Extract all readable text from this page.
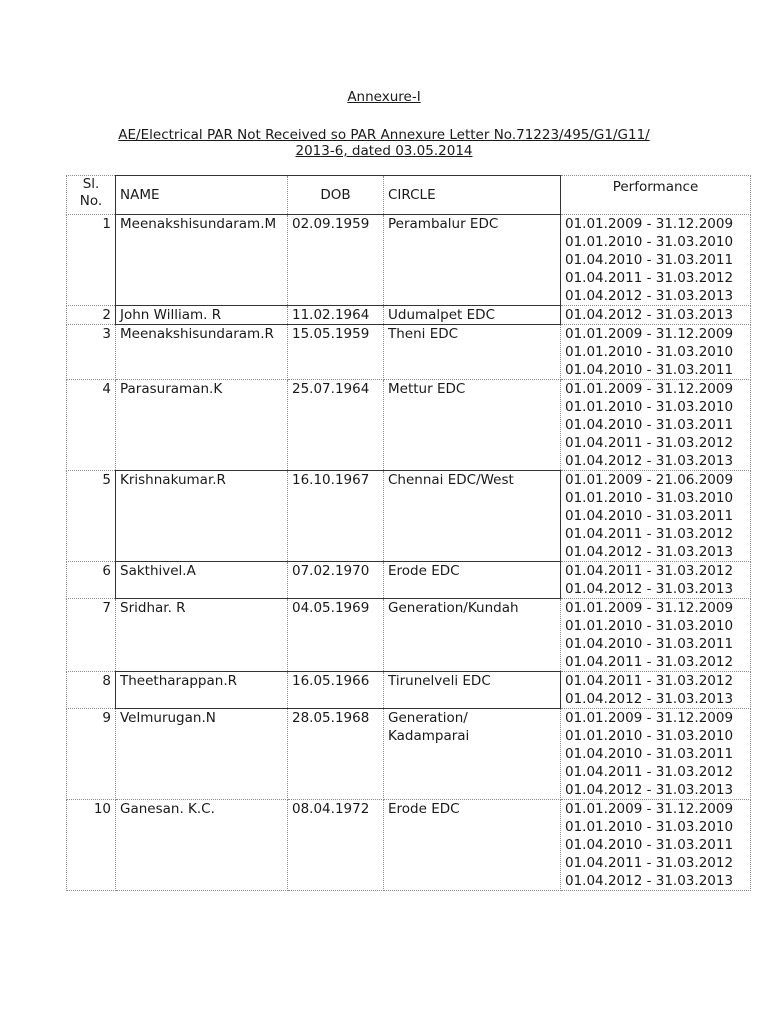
Annexure-I
AE/Electrical PAR Not Received so PAR Annexure Letter No.71223/495/G1/G11/
2013-6, dated 03.05.2014
Sl.
No.	NAME	DOB	CIRCLE	Performance
1	Meenakshisundaram.M	02.09.1959	Perambalur EDC	01.01.2009 - 31.12.2009
01.01.2010 - 31.03.2010
01.04.2010 - 31.03.2011
01.04.2011 - 31.03.2012
01.04.2012 - 31.03.2013

2	John William. R	11.02.1964	Udumalpet EDC	01.04.2012 - 31.03.2013

3	Meenakshisundaram.R	15.05.1959	Theni EDC	01.01.2009 - 31.12.2009
01.01.2010 - 31.03.2010
01.04.2010 - 31.03.2011

4	Parasuraman.K	25.07.1964	Mettur EDC	01.01.2009 - 31.12.2009
01.01.2010 - 31.03.2010
01.04.2010 - 31.03.2011
01.04.2011 - 31.03.2012
01.04.2012 - 31.03.2013

5	Krishnakumar.R	16.10.1967	Chennai EDC/West	01.01.2009 - 21.06.2009
01.01.2010 - 31.03.2010
01.04.2010 - 31.03.2011
01.04.2011 - 31.03.2012
01.04.2012 - 31.03.2013

6	Sakthivel.A	07.02.1970	Erode EDC	01.04.2011 - 31.03.2012
01.04.2012 - 31.03.2013

7	Sridhar. R	04.05.1969	Generation/Kundah	01.01.2009 - 31.12.2009
01.01.2010 - 31.03.2010
01.04.2010 - 31.03.2011
01.04.2011 - 31.03.2012

8	Theetharappan.R	16.05.1966	Tirunelveli EDC	01.04.2011 - 31.03.2012
01.04.2012 - 31.03.2013

9	Velmurugan.N	28.05.1968	Generation/
Kadamparai	01.01.2009 - 31.12.2009
01.01.2010 - 31.03.2010
01.04.2010 - 31.03.2011
01.04.2011 - 31.03.2012
01.04.2012 - 31.03.2013

10	Ganesan. K.C.	08.04.1972	Erode EDC	01.01.2009 - 31.12.2009
01.01.2010 - 31.03.2010
01.04.2010 - 31.03.2011
01.04.2011 - 31.03.2012
01.04.2012 - 31.03.2013
